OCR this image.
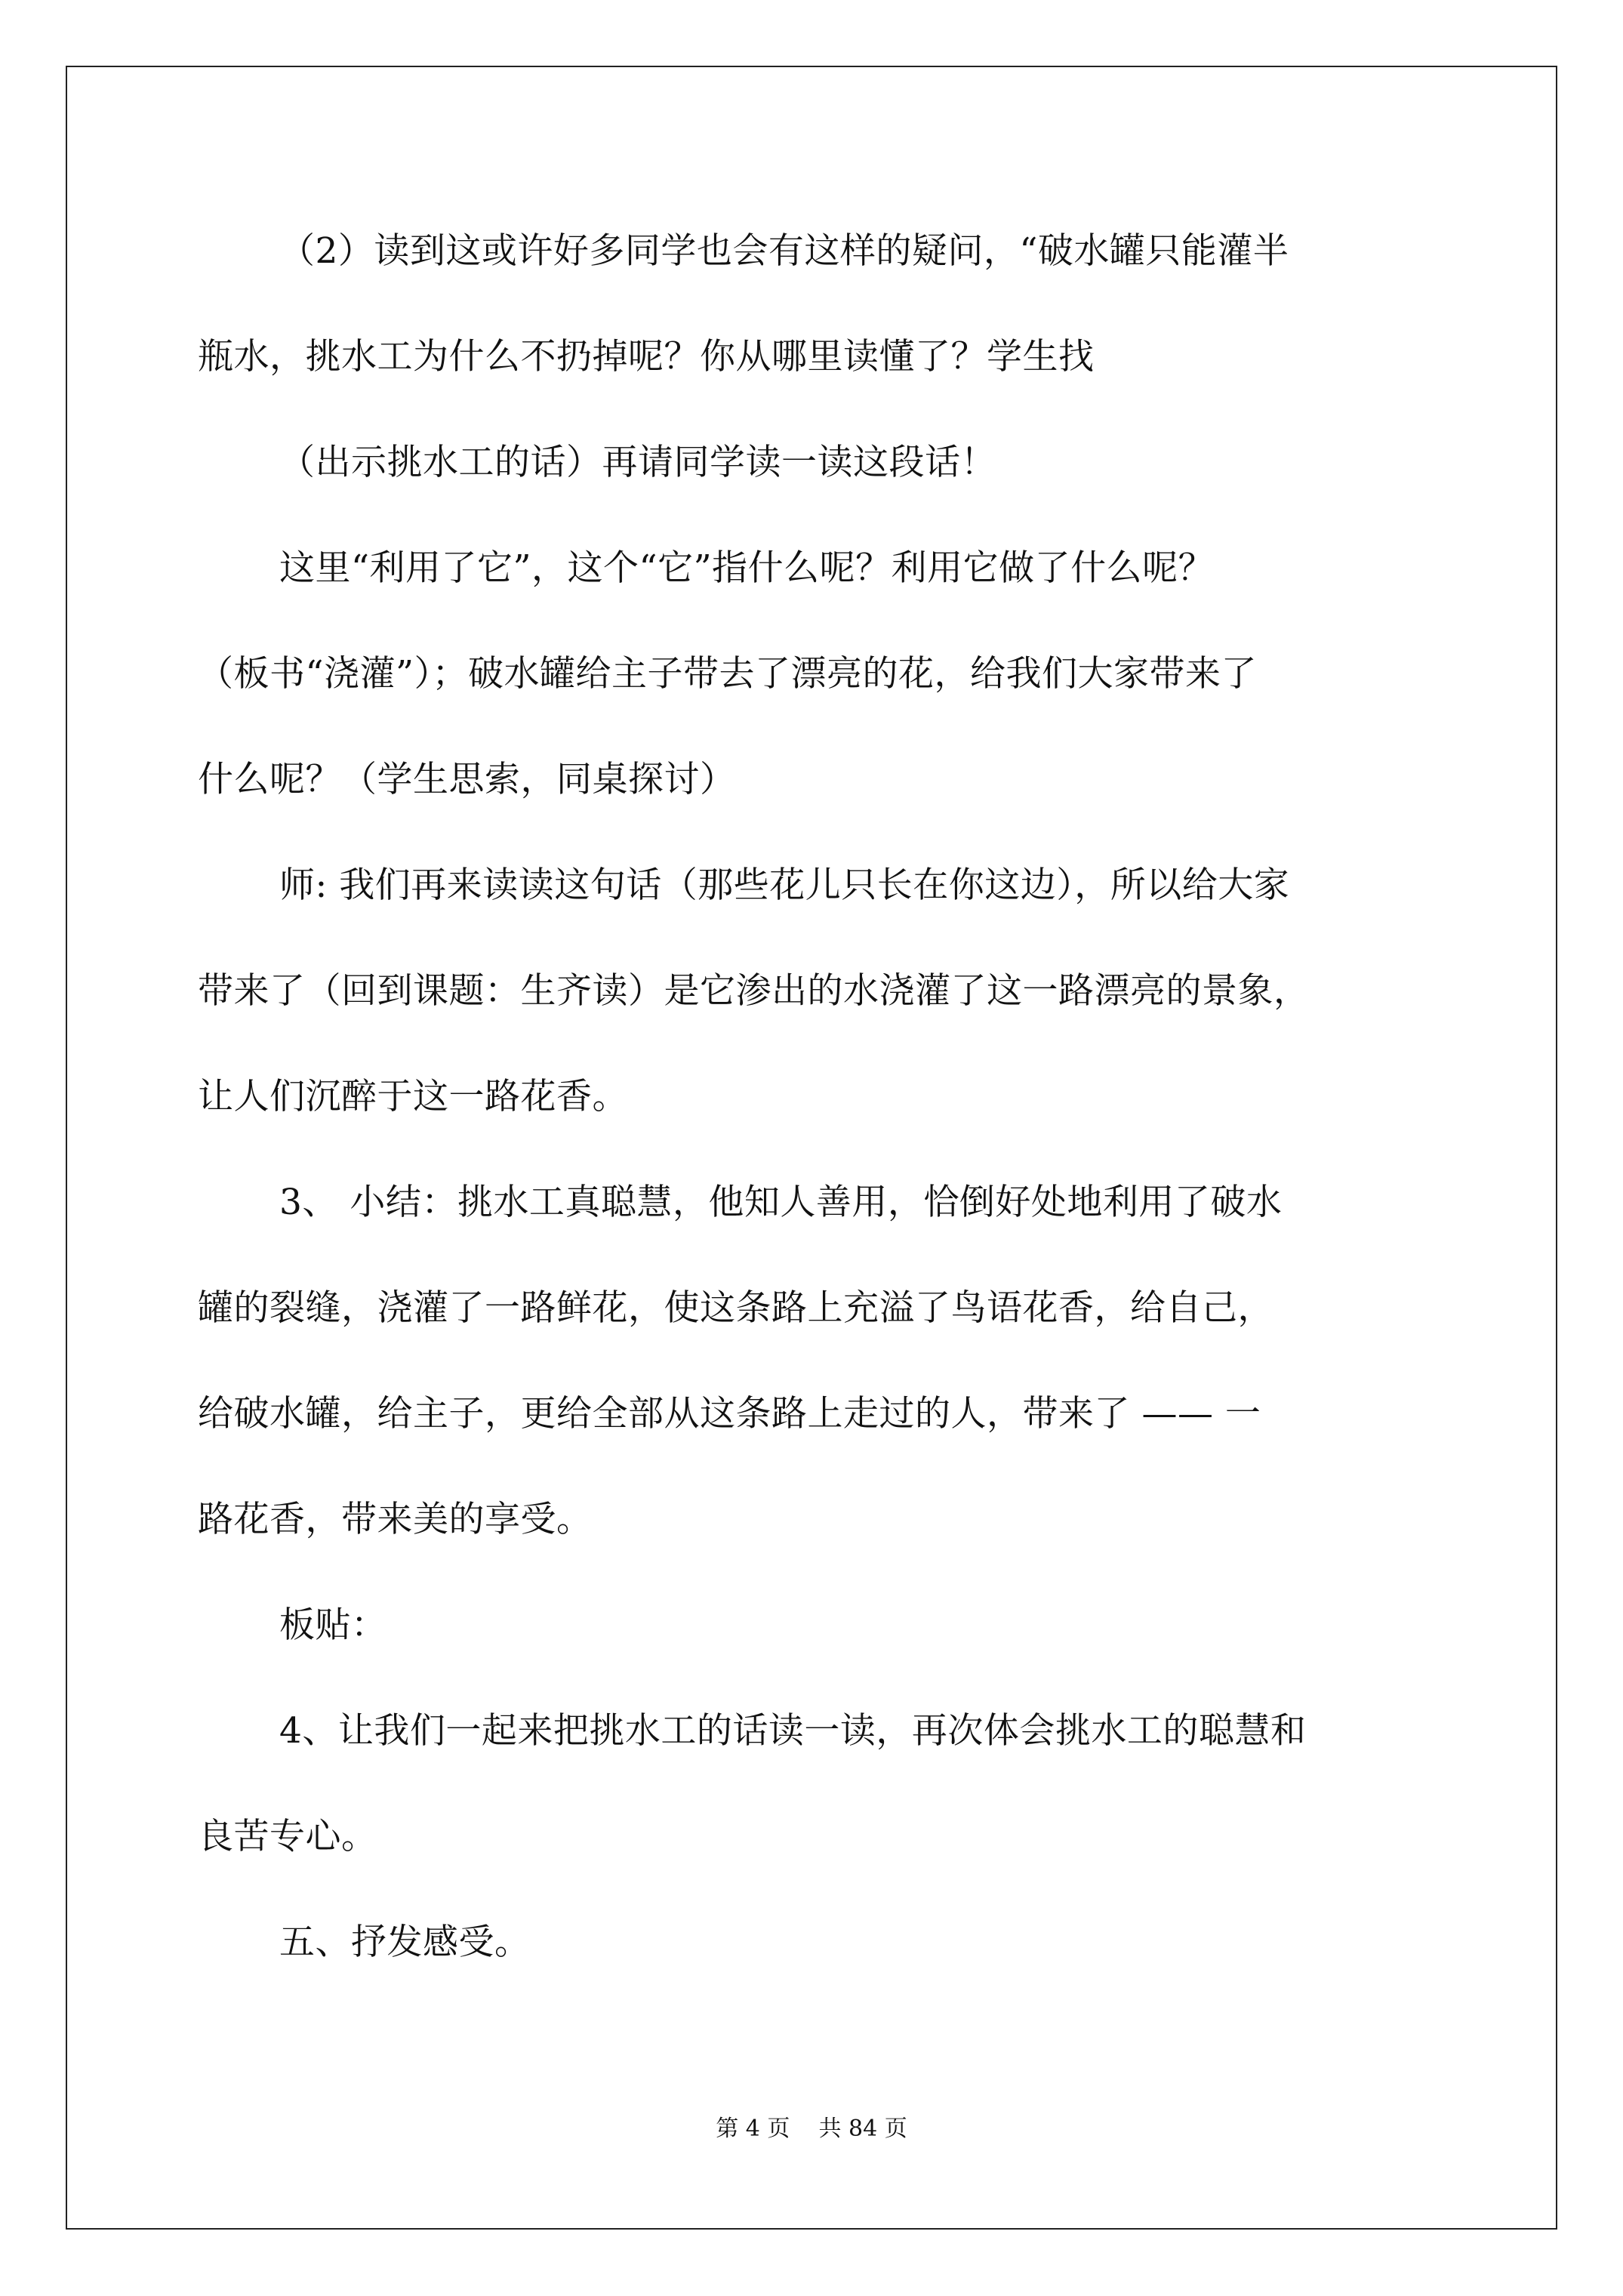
（2）读到这或许好多同学也会有这样的疑问，“破水罐只能灌半
瓶水，挑水工为什么不扔掉呢？你从哪里读懂了？学生找
（出示挑水工的话）再请同学读一读这段话！
这里“利用了它”，这个“它”指什么呢？利用它做了什么呢？
（板书“浇灌”）；破水罐给主子带去了漂亮的花，给我们大家带来了
什么呢？（学生思索，同桌探讨）
师: 我们再来读读这句话（那些花儿只长在你这边），所以给大家
带来了（回到课题：生齐读）是它渗出的水浇灌了这一路漂亮的景象，
让人们沉醉于这一路花香。
3、 小结：挑水工真聪慧，他知人善用，恰倒好处地利用了破水
罐的裂缝，浇灌了一路鲜花，使这条路上充溢了鸟语花香，给自己，
给破水罐，给主子，更给全部从这条路上走过的人，带来了 —— 一
路花香，带来美的享受。
板贴：
4、让我们一起来把挑水工的话读一读，再次体会挑水工的聪慧和
良苦专心。
五、抒发感受。
第 4 页    共 84 页
